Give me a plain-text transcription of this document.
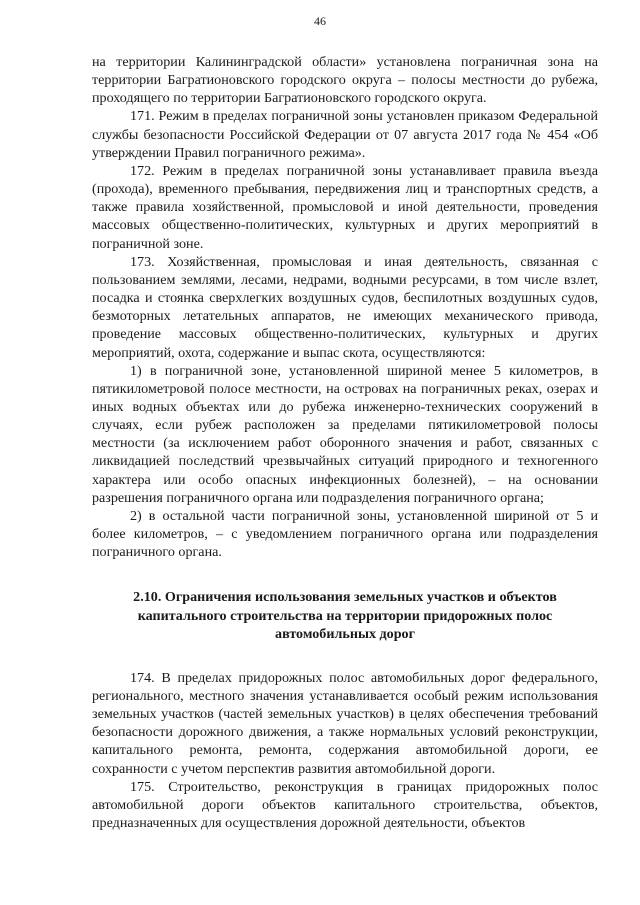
46

на территории Калининградской области» установлена пограничная зона на территории Багратионовского городского округа – полосы местности до рубежа, проходящего по территории Багратионовского городского округа.

171. Режим в пределах пограничной зоны установлен приказом Федеральной службы безопасности Российской Федерации от 07 августа 2017 года № 454 «Об утверждении Правил пограничного режима».

172. Режим в пределах пограничной зоны устанавливает правила въезда (прохода), временного пребывания, передвижения лиц и транспортных средств, а также правила хозяйственной, промысловой и иной деятельности, проведения массовых общественно-политических, культурных и других мероприятий в пограничной зоне.

173. Хозяйственная, промысловая и иная деятельность, связанная с пользованием землями, лесами, недрами, водными ресурсами, в том числе взлет, посадка и стоянка сверхлегких воздушных судов, беспилотных воздушных судов, безмоторных летательных аппаратов, не имеющих механического привода, проведение массовых общественно-политических, культурных и других мероприятий, охота, содержание и выпас скота, осуществляются:

1) в пограничной зоне, установленной шириной менее 5 километров, в пятикилометровой полосе местности, на островах на пограничных реках, озерах и иных водных объектах или до рубежа инженерно-технических сооружений в случаях, если рубеж расположен за пределами пятикилометровой полосы местности (за исключением работ оборонного значения и работ, связанных с ликвидацией последствий чрезвычайных ситуаций природного и техногенного характера или особо опасных инфекционных болезней), – на основании разрешения пограничного органа или подразделения пограничного органа;

2) в остальной части пограничной зоны, установленной шириной от 5 и более километров, – с уведомлением пограничного органа или подразделения пограничного органа.

2.10. Ограничения использования земельных участков и объектов
капитального строительства на территории придорожных полос
автомобильных дорог

174. В пределах придорожных полос автомобильных дорог федерального, регионального, местного значения устанавливается особый режим использования земельных участков (частей земельных участков) в целях обеспечения требований безопасности дорожного движения, а также нормальных условий реконструкции, капитального ремонта, ремонта, содержания автомобильной дороги, ее сохранности с учетом перспектив развития автомобильной дороги.

175. Строительство, реконструкция в границах придорожных полос автомобильной дороги объектов капитального строительства, объектов, предназначенных для осуществления дорожной деятельности, объектов
